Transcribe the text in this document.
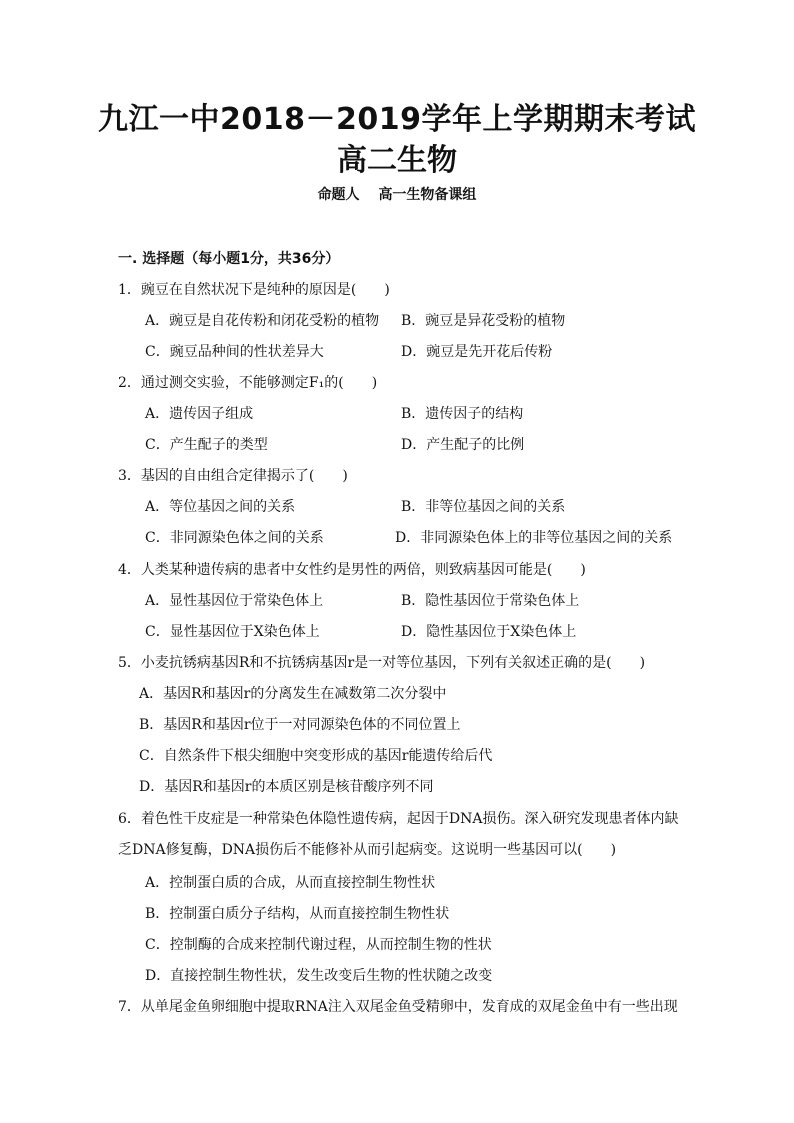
九江一中2018－2019学年上学期期末考试
高二生物
命题人　 高一生物备课组
一. 选择题（每小题1分，共36分）
1．豌豆在自然状况下是纯种的原因是(　　)
A．豌豆是自花传粉和闭花受粉的植物 B．豌豆是异花受粉的植物
C．豌豆品种间的性状差异大	D．豌豆是先开花后传粉
2．通过测交实验，不能够测定F₁的(　　)
A．遗传因子组成	B．遗传因子的结构
C．产生配子的类型	D．产生配子的比例
3．基因的自由组合定律揭示了(　　)
A．等位基因之间的关系	B．非等位基因之间的关系
C．非同源染色体之间的关系	D．非同源染色体上的非等位基因之间的关系
4．人类某种遗传病的患者中女性约是男性的两倍，则致病基因可能是(　　)
A．显性基因位于常染色体上	B．隐性基因位于常染色体上
C．显性基因位于X染色体上	D．隐性基因位于X染色体上
5．小麦抗锈病基因R和不抗锈病基因r是一对等位基因，下列有关叙述正确的是(　　)
A．基因R和基因r的分离发生在减数第二次分裂中
B．基因R和基因r位于一对同源染色体的不同位置上
C．自然条件下根尖细胞中突变形成的基因r能遗传给后代
D．基因R和基因r的本质区别是核苷酸序列不同
6．着色性干皮症是一种常染色体隐性遗传病，起因于DNA损伤。深入研究发现患者体内缺
乏DNA修复酶，DNA损伤后不能修补从而引起病变。这说明一些基因可以(　　)
A．控制蛋白质的合成，从而直接控制生物性状
B．控制蛋白质分子结构，从而直接控制生物性状
C．控制酶的合成来控制代谢过程，从而控制生物的性状
D．直接控制生物性状，发生改变后生物的性状随之改变
7．从单尾金鱼卵细胞中提取RNA注入双尾金鱼受精卵中，发育成的双尾金鱼中有一些出现
